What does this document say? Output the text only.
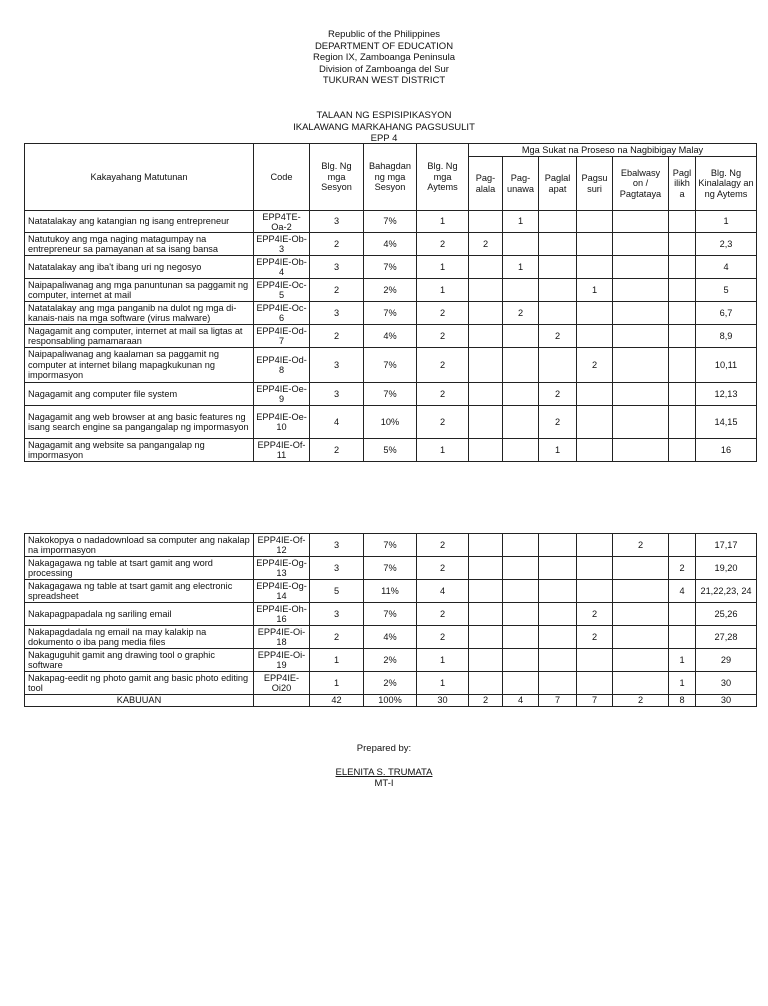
Republic of the Philippines
DEPARTMENT OF EDUCATION
Region IX, Zamboanga Peninsula
Division of Zamboanga del Sur
TUKURAN WEST DISTRICT
TALAAN NG ESPISIPIKASYON
IKALAWANG MARKAHANG PAGSUSULIT
EPP 4
Kakayahang Matutunan	Code	Blg. Ng mga Sesyon	Bahagdan ng mga Sesyon	Blg. Ng mga Aytems	Mga Sukat na Proseso na Nagbibigay Malay						
					Pag- alala	Pag- unawa	Paglal apat	Pagsu suri	Ebalwasy on / Pagtataya	Pagl ilikh a	Blg. Ng Kinalalagy an ng Aytems
Natatalakay ang katangian ng isang entrepreneur	EPP4TE-Oa-2	3	7%	1		1					1
Natutukoy ang mga naging matagumpay na entrepreneur sa pamayanan at sa isang bansa	EPP4IE-Ob-3	2	4%	2	2						2,3
Natatalakay ang iba't ibang uri ng negosyo	EPP4IE-Ob-4	3	7%	1		1					4
Naipapaliwanag ang mga panuntunan sa paggamit ng computer, internet at mail	EPP4IE-Oc-5	2	2%	1				1			5
Natatalakay ang mga panganib na dulot ng mga di-kanais-nais na mga software (virus malware)	EPP4IE-Oc-6	3	7%	2		2					6,7
Nagagamit ang computer, internet at mail sa ligtas at responsabling pamamaraan	EPP4IE-Od-7	2	4%	2			2				8,9
Naipapaliwanag ang kaalaman sa paggamit ng computer at internet bilang mapagkukunan ng impormasyon	EPP4IE-Od-8	3	7%	2				2			10,11
Nagagamit ang computer file system	EPP4IE-Oe-9	3	7%	2			2				12,13
Nagagamit ang web browser at ang basic features ng isang search engine sa pangangalap ng impormasyon	EPP4IE-Oe-10	4	10%	2			2				14,15
Nagagamit ang website sa pangangalap ng impormasyon	EPP4IE-Of-11	2	5%	1			1				16
Nakokopya o nadadownload sa computer ang nakalap na impormasyon	EPP4IE-Of-12	3	7%	2					2		17,17
Nakagagawa ng table at tsart gamit ang word processing	EPP4IE-Og-13	3	7%	2						2	19,20
Nakagagawa ng table at tsart gamit ang electronic spreadsheet	EPP4IE-Og-14	5	11%	4						4	21,22,23, 24
Nakapagpapadala ng sariling email	EPP4IE-Oh-16	3	7%	2				2			25,26
Nakapagdadala ng email na may kalakip na dokumento o iba pang media files	EPP4IE-Oi-18	2	4%	2				2			27,28
Nakaguguhit gamit ang drawing tool o graphic software	EPP4IE-Oi-19	1	2%	1						1	29
Nakapag-eedit ng photo gamit ang basic photo editing tool	EPP4IE-Oi20	1	2%	1						1	30
KABUUAN		42	100%	30	2	4	7	7	2	8	30
Prepared by:
ELENITA S. TRUMATA
MT-I
